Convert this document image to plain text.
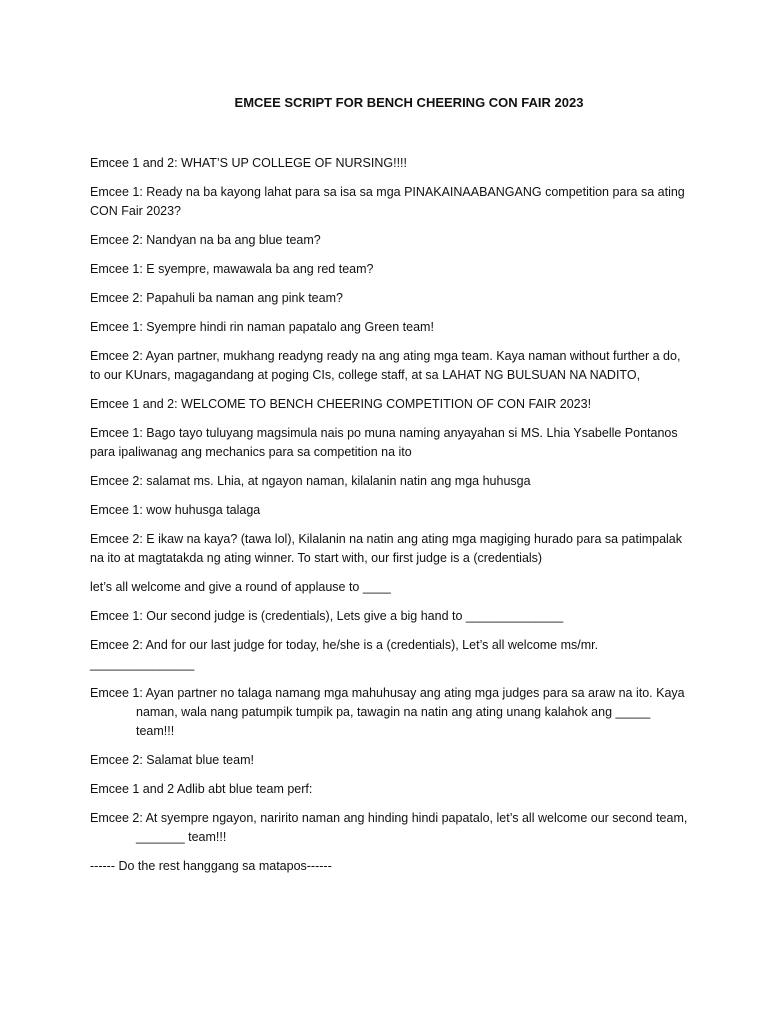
EMCEE SCRIPT FOR BENCH CHEERING CON FAIR 2023

Emcee 1 and 2: WHAT’S UP COLLEGE OF NURSING!!!!

Emcee 1: Ready na ba kayong lahat para sa isa sa mga PINAKAINAABANGANG competition para sa ating CON Fair 2023?

Emcee 2: Nandyan na ba ang blue team?

Emcee 1: E syempre, mawawala ba ang red team?

Emcee 2: Papahuli ba naman ang pink team?

Emcee 1: Syempre hindi rin naman papatalo ang Green team!

Emcee 2: Ayan partner, mukhang readyng ready na ang ating mga team. Kaya naman without further a do, to our KUnars, magagandang at poging CIs, college staff, at sa LAHAT NG BULSUAN NA NADITO,

Emcee 1 and 2: WELCOME TO BENCH CHEERING COMPETITION OF CON FAIR 2023!

Emcee 1: Bago tayo tuluyang magsimula nais po muna naming anyayahan si MS. Lhia Ysabelle Pontanos para ipaliwanag ang mechanics para sa competition na ito

Emcee 2: salamat ms. Lhia, at ngayon naman, kilalanin natin ang mga huhusga

Emcee 1: wow huhusga talaga

Emcee 2: E ikaw na kaya? (tawa lol), Kilalanin na natin ang ating mga magiging hurado para sa patimpalak na ito at magtatakda ng ating winner. To start with, our first judge is a (credentials)

let’s all welcome and give a round of applause to ____

Emcee 1: Our second judge is (credentials), Lets give a big hand to ______________

Emcee 2: And for our last judge for today, he/she is a (credentials), Let’s all welcome ms/mr. _______________

Emcee 1: Ayan partner no talaga namang mga mahuhusay ang ating mga judges para sa araw na ito. Kaya naman, wala nang patumpik tumpik pa, tawagin na natin ang ating unang kalahok ang _____ team!!!

Emcee 2: Salamat blue team!

Emcee 1 and 2 Adlib abt blue team perf:

Emcee 2: At syempre ngayon, naririto naman ang hinding hindi papatalo, let’s all welcome our second team, _______ team!!!

------ Do the rest hanggang sa matapos------
